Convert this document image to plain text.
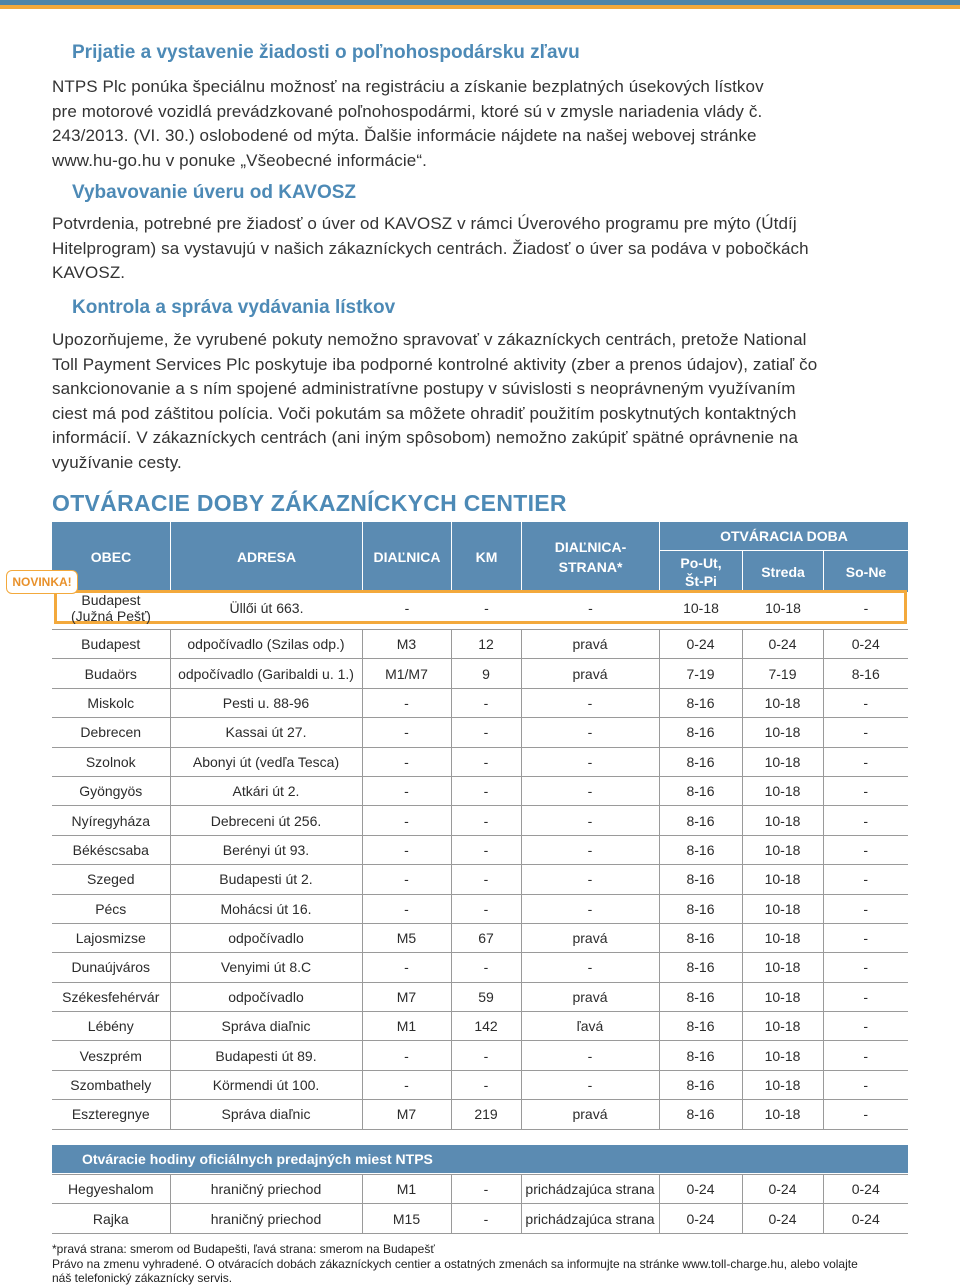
Prijatie a vystavenie žiadosti o poľnohospodársku zľavu
NTPS Plc ponúka špeciálnu možnosť na registráciu a získanie bezplatných úsekových lístkov
pre motorové vozidlá prevádzkované poľnohospodármi, ktoré sú v zmysle nariadenia vlády č.
243/2013. (VI. 30.) oslobodené od mýta. Ďalšie informácie nájdete na našej webovej stránke
www.hu-go.hu v ponuke „Všeobecné informácie“.
Vybavovanie úveru od KAVOSZ
Potvrdenia, potrebné pre žiadosť o úver od KAVOSZ v rámci Úverového programu pre mýto (Útdíj
Hitelprogram) sa vystavujú v našich zákazníckych centrách. Žiadosť o úver sa podáva v pobočkách
KAVOSZ.
Kontrola a správa vydávania lístkov
Upozorňujeme, že vyrubené pokuty nemožno spravovať v zákazníckych centrách, pretože National
Toll Payment Services Plc poskytuje iba podporné kontrolné aktivity (zber a prenos údajov), zatiaľ čo
sankcionovanie a s ním spojené administratívne postupy v súvislosti s neoprávneným využívaním
ciest má pod záštitou polícia. Voči pokutám sa môžete ohradiť použitím poskytnutých kontaktných
informácií. V zákazníckych centrách (ani iným spôsobom) nemožno zakúpiť spätné oprávnenie na
využívanie cesty.
OTVÁRACIE DOBY ZÁKAZNÍCKYCH CENTIER
OBEC	ADRESA	DIAĽNICA	KM
DIAĽNICA-
STRANA*
OTVÁRACIA DOBA
Po-Ut,
Št-Pi
Streda	So-Ne
Budapest
(Južná Pešť)	Üllői út 663.	-	-	-	10-18	10-18	-
NOVINKA!
Budapest	odpočívadlo (Szilas odp.)	M3	12	pravá	0-24	0-24	0-24
Budaörs	odpočívadlo (Garibaldi u. 1.)	M1/M7	9	pravá	7-19	7-19	8-16
Miskolc	Pesti u. 88-96	-	-	-	8-16	10-18	-
Debrecen	Kassai út 27.	-	-	-	8-16	10-18	-
Szolnok	Abonyi út (vedľa Tesca)	-	-	-	8-16	10-18	-
Gyöngyös	Atkári út 2.	-	-	-	8-16	10-18	-
Nyíregyháza	Debreceni út 256.	-	-	-	8-16	10-18	-
Békéscsaba	Berényi út 93.	-	-	-	8-16	10-18	-
Szeged	Budapesti út 2.	-	-	-	8-16	10-18	-
Pécs	Mohácsi út 16.	-	-	-	8-16	10-18	-
Lajosmizse	odpočívadlo	M5	67	pravá	8-16	10-18	-
Dunaújváros	Venyimi út 8.C	-	-	-	8-16	10-18	-
Székesfehérvár	odpočívadlo	M7	59	pravá	8-16	10-18	-
Lébény	Správa diaľnic	M1	142	ľavá	8-16	10-18	-
Veszprém	Budapesti út 89.	-	-	-	8-16	10-18	-
Szombathely	Körmendi út 100.	-	-	-	8-16	10-18	-
Eszteregnye	Správa diaľnic	M7	219	pravá	8-16	10-18	-
Otváracie hodiny oficiálnych predajných miest NTPS
Hegyeshalom	hraničný priechod	M1	-	prichádzajúca strana	0-24	0-24	0-24
Rajka	hraničný priechod	M15	-	prichádzajúca strana	0-24	0-24	0-24
*pravá strana: smerom od Budapešti, ľavá strana: smerom na Budapešť
Právo na zmenu vyhradené. O otváracích dobách zákazníckych centier a ostatných zmenách sa informujte na stránke www.toll-charge.hu, alebo volajte
náš telefonický zákaznícky servis.
